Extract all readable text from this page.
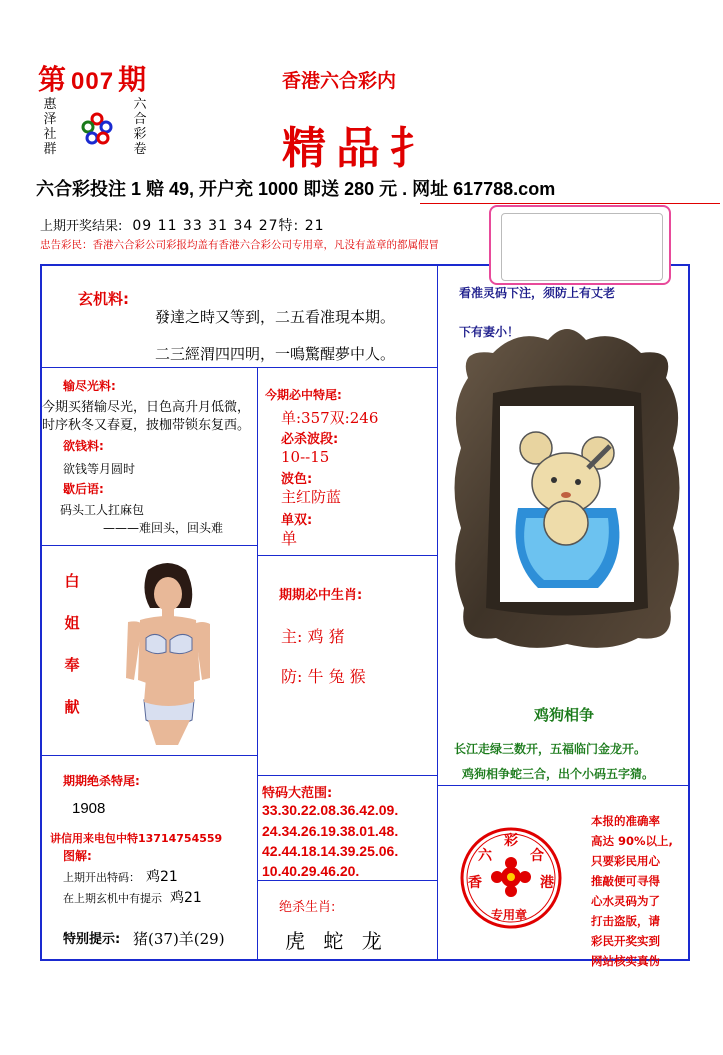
第 007 期
惠
泽
社
群
六
合
彩
卷
香港六合彩内
精品扌
六合彩投注 1 赔 49, 开户充 1000 即送 280 元 . 网址 617788.com
上期开奖结果: 09 11 33 31 34 27特: 21
忠告彩民：香港六合彩公司彩报均盖有香港六合彩公司专用章，凡没有盖章的都属假冒
玄机料:
發達之時又等到，二五看准現本期。
二三經渭四四明，一鳴驚醒夢中人。
看准灵码下注，须防上有丈老
下有妻小！
鸡狗相争
长江走绿三数开，五福临门金龙开。
鸡狗相争蛇三合，出个小码五字猜。
六
彩
合
香	港
专用章
本报的准确率
高达 90%以上,
只要彩民用心
推敲便可寻得
心水灵码为了
打击盗版，请
彩民开奖实到
网站核实真伪
今期必中特尾:
单:357双:246
必杀波段:
10--15
波色:
主红防蓝
单双:
单
期期必中生肖:
主: 鸡 猪
防: 牛 兔 猴
特码大范围:
33.30.22.08.36.42.09.
24.34.26.19.38.01.48.
42.44.18.14.39.25.06.
10.40.29.46.20.
绝杀生肖:
虎 蛇 龙
输尽光料:
今期买猪输尽光，日色高升月低微，
时序秋冬又春夏，披枷带锁东复西。
欲钱料:
欲钱等月圆时
歇后语:
码头工人扛麻包
———难回头，回头难
白
姐
奉
献
期期绝杀特尾:
1908
讲信用来电包中特13714754559
图解:
上期开出特码： 鸡21
在上期玄机中有提示 鸡21
特别提示: 猪(37)羊(29)
